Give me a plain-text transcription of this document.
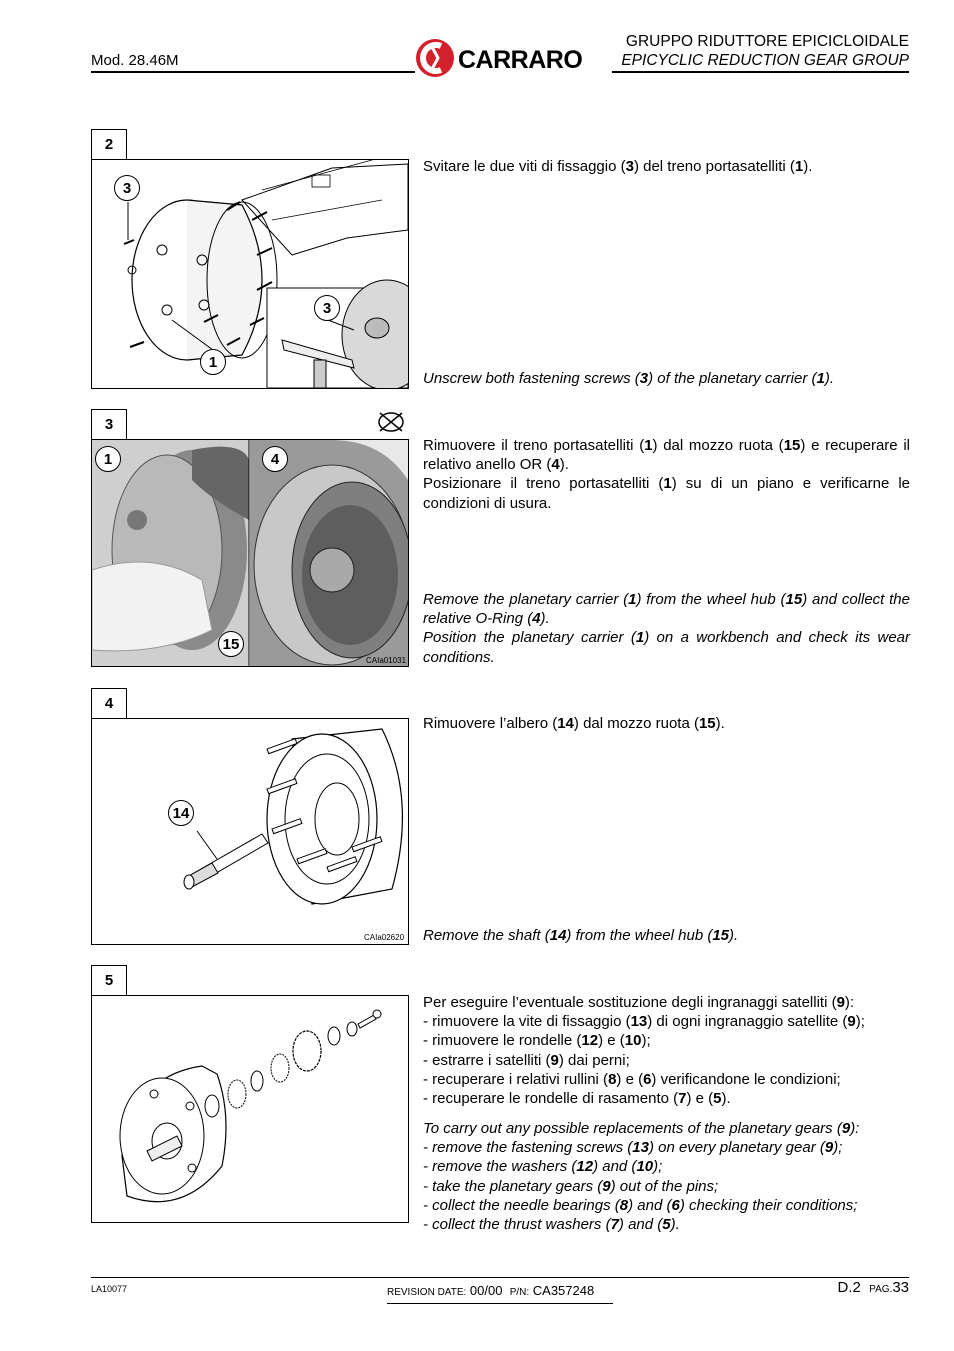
Mod. 28.46M	CARRARO
GRUPPO RIDUTTORE EPICICLOIDALE
EPICYCLIC REDUCTION GEAR GROUP
2
3
1
3

Svitare le due viti di fissaggio (3) del treno portasatelliti (1).

Unscrew both fastening screws (3) of the planetary carrier (1).

3
CAIa01031
1	4
15

Rimuovere il treno portasatelliti (1) dal mozzo ruota (15) e recuperare il relativo anello OR (4).

Posizionare il treno portasatelliti (1) su di un piano e verificarne le condizioni di usura.

Remove the planetary carrier (1) from the wheel hub (15) and collect the relative O-Ring (4).

Position the planetary carrier (1) on a workbench and check its wear conditions.

4
CAIa02620
14

Rimuovere l’albero (14) dal mozzo ruota (15).

Remove the shaft (14) from the wheel hub (15).

5

Per eseguire l’eventuale sostituzione degli ingranaggi satelliti (9):

- rimuovere la vite di fissaggio (13) di ogni ingranaggio satellite (9);

- rimuovere le rondelle (12) e (10);

- estrarre i satelliti (9) dai perni;

- recuperare i relativi rullini (8) e (6) verificandone le condizioni;

- recuperare le rondelle di rasamento (7) e (5).

To carry out any possible replacements of the planetary gears (9):

- remove the fastening screws (13) on every planetary gear (9);

- remove the washers (12) and (10);

- take the planetary gears (9) out of the pins;

- collect the needle bearings (8) and (6) checking their conditions;

- collect the thrust washers (7) and (5).

LA10077	REVISION DATE: 00/00 P/N: CA357248	D.2 PAG.33
